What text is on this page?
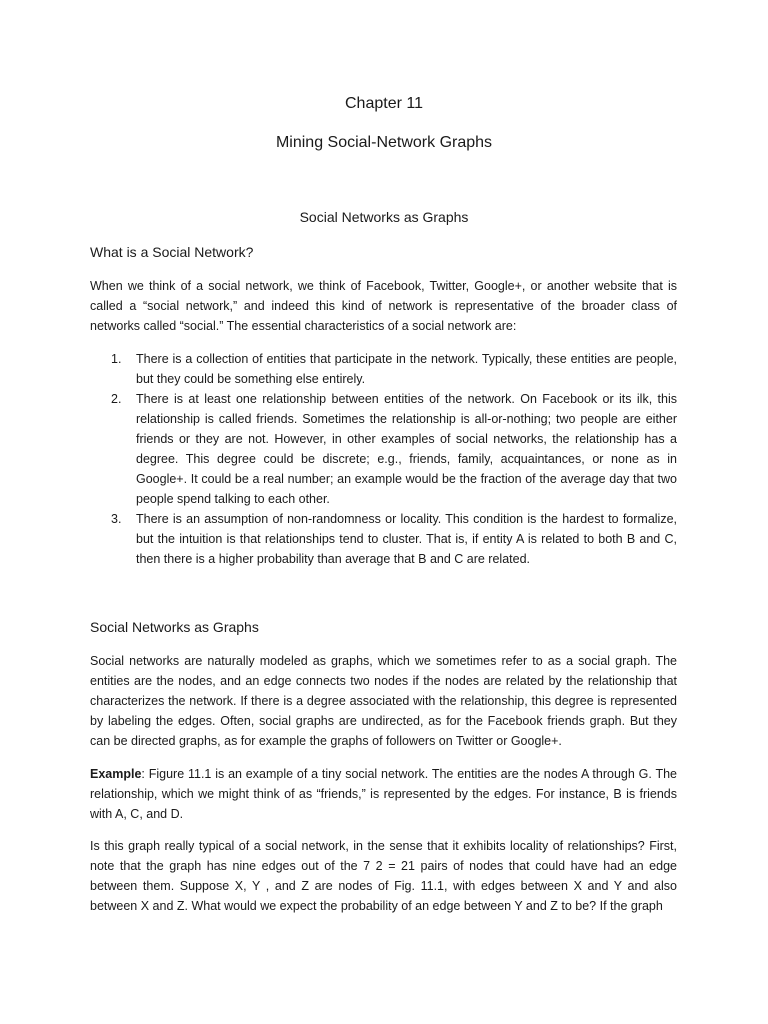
Chapter 11
Mining Social-Network Graphs
Social Networks as Graphs
What is a Social Network?

When we think of a social network, we think of Facebook, Twitter, Google+, or another website that is called a “social network,” and indeed this kind of network is representative of the broader class of networks called “social.” The essential characteristics of a social network are:

1. There is a collection of entities that participate in the network. Typically, these entities are people, but they could be something else entirely.
2. There is at least one relationship between entities of the network. On Facebook or its ilk, this relationship is called friends. Sometimes the relationship is all-or-nothing; two people are either friends or they are not. However, in other examples of social networks, the relationship has a degree. This degree could be discrete; e.g., friends, family, acquaintances, or none as in Google+. It could be a real number; an example would be the fraction of the average day that two people spend talking to each other.
3. There is an assumption of non-randomness or locality. This condition is the hardest to formalize, but the intuition is that relationships tend to cluster. That is, if entity A is related to both B and C, then there is a higher probability than average that B and C are related.
Social Networks as Graphs

Social networks are naturally modeled as graphs, which we sometimes refer to as a social graph. The entities are the nodes, and an edge connects two nodes if the nodes are related by the relationship that characterizes the network. If there is a degree associated with the relationship, this degree is represented by labeling the edges. Often, social graphs are undirected, as for the Facebook friends graph. But they can be directed graphs, as for example the graphs of followers on Twitter or Google+.

Example: Figure 11.1 is an example of a tiny social network. The entities are the nodes A through G. The relationship, which we might think of as “friends,” is represented by the edges. For instance, B is friends with A, C, and D.

Is this graph really typical of a social network, in the sense that it exhibits locality of relationships? First, note that the graph has nine edges out of the 7 2 = 21 pairs of nodes that could have had an edge between them. Suppose X, Y , and Z are nodes of Fig. 11.1, with edges between X and Y and also between X and Z. What would we expect the probability of an edge between Y and Z to be? If the graph
